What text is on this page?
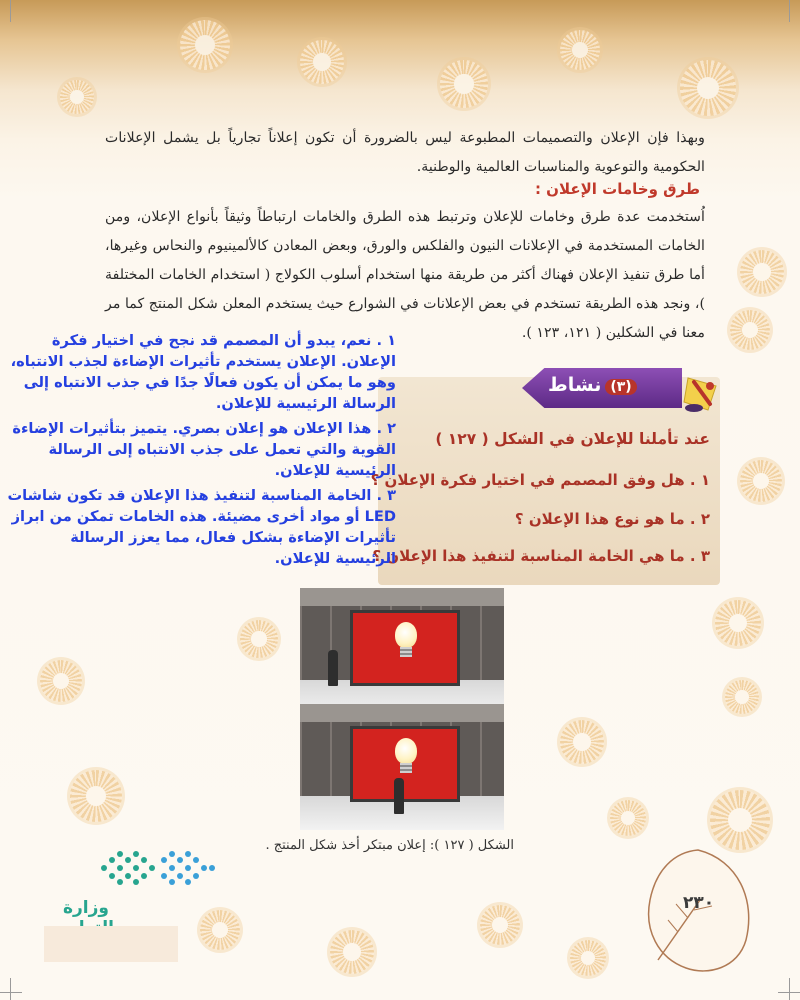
وبهذا فإن الإعلان والتصميمات المطبوعة ليس بالضرورة أن تكون إعلاناً تجارياً بل يشمل الإعلانات الحكومية والتوعوية والمناسبات العالمية والوطنية.
طرق وخامات الإعلان :
اُستخدمت عدة طرق وخامات للإعلان وترتبط هذه الطرق والخامات ارتباطاً وثيقاً بأنواع الإعلان، ومن الخامات المستخدمة في الإعلانات النيون والفلكس والورق، وبعض المعادن كالألمينيوم والنحاس وغيرها، أما طرق تنفيذ الإعلان فهناك أكثر من طريقة منها استخدام أسلوب الكولاج ( استخدام الخامات المختلفة )، ونجد هذه الطريقة تستخدم في بعض الإعلانات في الشوارع حيث يستخدم المعلن شكل المنتج كما مر معنا في الشكلين ( ١٢١، ١٢٣ ).
(٣)نشاط
عند تأملنا للإعلان في الشكل ( ١٢٧ )
١ . هل وفق المصمم في اختيار فكرة الإعلان ؟
٢ . ما هو نوع هذا الإعلان ؟
٣ . ما هي الخامة المناسبة لتنفيذ هذا الإعلان ؟

١ . نعم، يبدو أن المصمم قد نجح في اختيار فكرة الإعلان. الإعلان يستخدم تأثيرات الإضاءة لجذب الانتباه، وهو ما يمكن أن يكون فعالًا جدًا في جذب الانتباه إلى الرسالة الرئيسية للإعلان.

٢ . هذا الإعلان هو إعلان بصري. يتميز بتأثيرات الإضاءة القوية والتي تعمل على جذب الانتباه إلى الرسالة الرئيسية للإعلان.

٣ . الخامة المناسبة لتنفيذ هذا الإعلان قد تكون شاشات LED أو مواد أخرى مضيئة. هذه الخامات تمكن من ابراز تأثيرات الإضاءة بشكل فعال، مما يعزز الرسالة الرئيسية للإعلان.

الشكل ( ١٢٧ ): إعلان مبتكر أخذ شكل المنتج .
وزارة	٢٣٠
